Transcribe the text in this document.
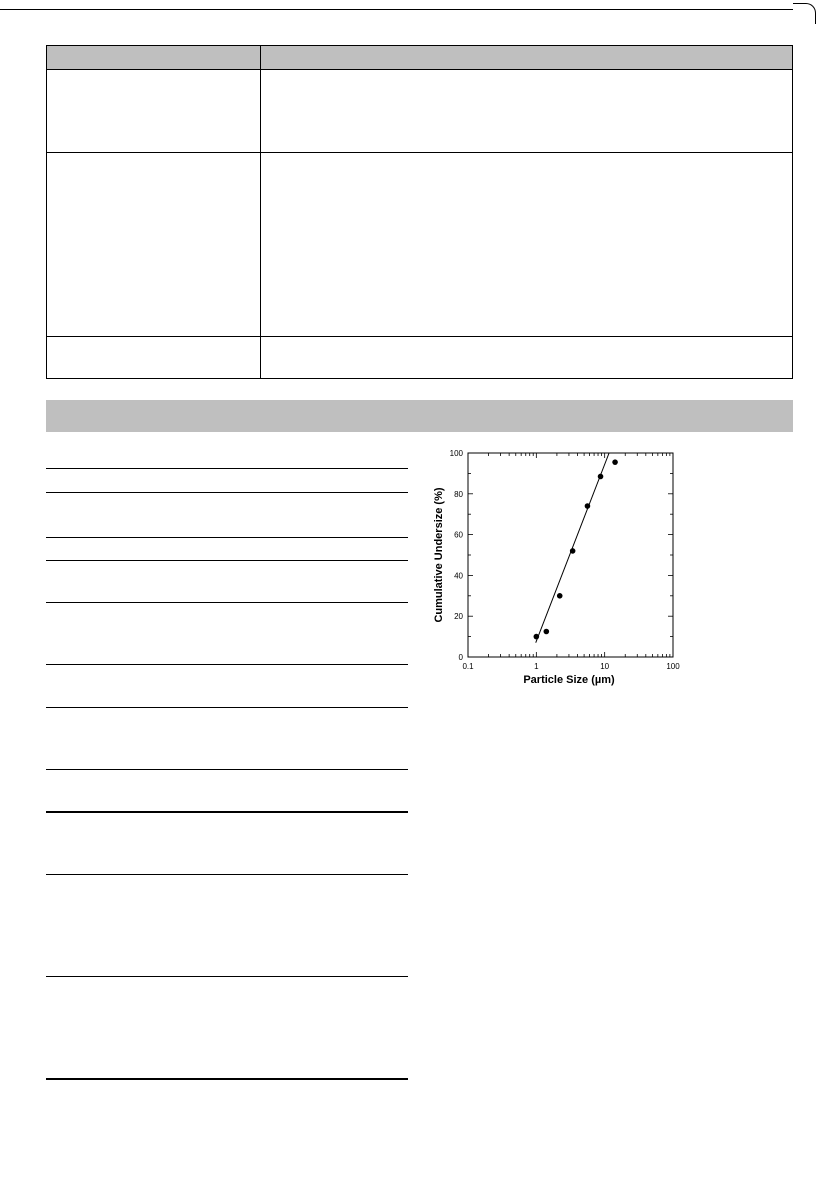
0.1	1	10	100
0
20
40
60
80
100
Particle Size (µm)
Cumulative Undersize (%)
